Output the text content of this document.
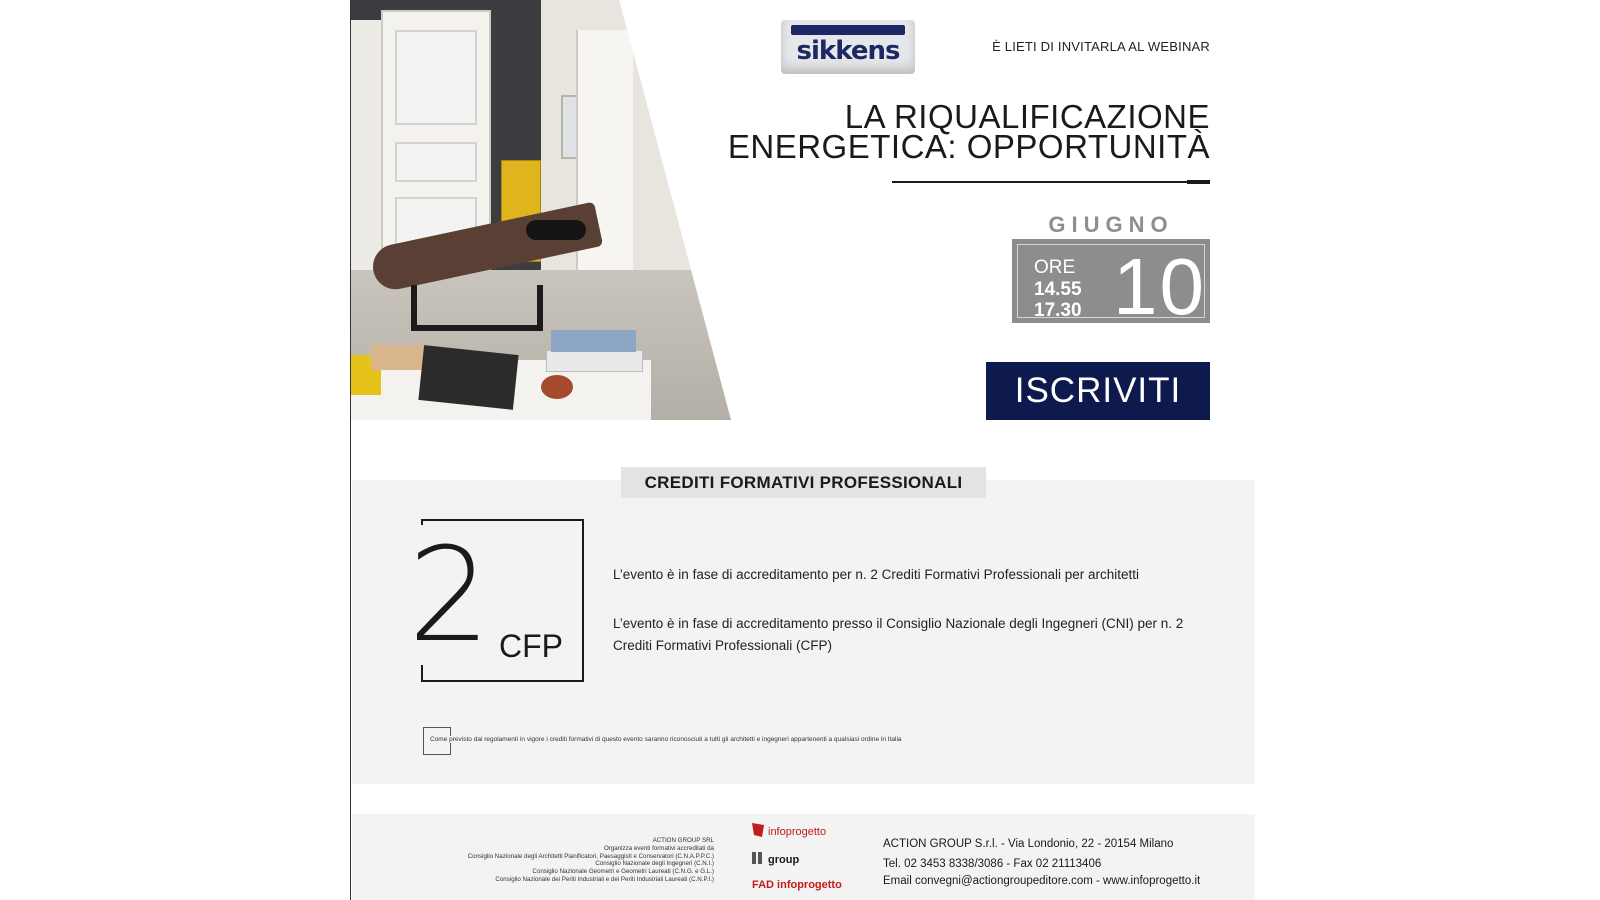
sikkens	È LIETI DI INVITARLA AL WEBINAR
LA RIQUALIFICAZIONE
ENERGETICA: OPPORTUNITÀ
GIUGNO
ORE
14.55
17.30 10
ISCRIVITI
CREDITI FORMATIVI PROFESSIONALI
2 CFP
L’evento è in fase di accreditamento per n. 2 Crediti Formativi Professionali per architetti
L’evento è in fase di accreditamento presso il Consiglio Nazionale degli Ingegneri (CNI) per n. 2 Crediti Formativi Professionali (CFP)
Come previsto dai regolamenti in vigore i crediti formativi di questo evento saranno riconosciuti a tutti gli architetti e ingegneri appartenenti a qualsiasi ordine in Italia
ACTION GROUP SRL
Organizza eventi formativi accreditati da
Consiglio Nazionale degli Architetti Pianificatori, Paesaggisti e Conservatori (C.N.A.P.P.C.)
Consiglio Nazionale degli Ingegneri (C.N.I.)
Consiglio Nazionale Geometri e Geometri Laureati (C.N.G. e G.L.)
Consiglio Nazionale dei Periti Industriali e dei Periti Industriali Laureati (C.N.P.I.)
infoprogetto
group
FAD infoprogetto
ACTION GROUP S.r.l. - Via Londonio, 22 - 20154 Milano
Tel. 02 3453 8338/3086 - Fax 02 21113406
Email convegni@actiongroupeditore.com - www.infoprogetto.it
